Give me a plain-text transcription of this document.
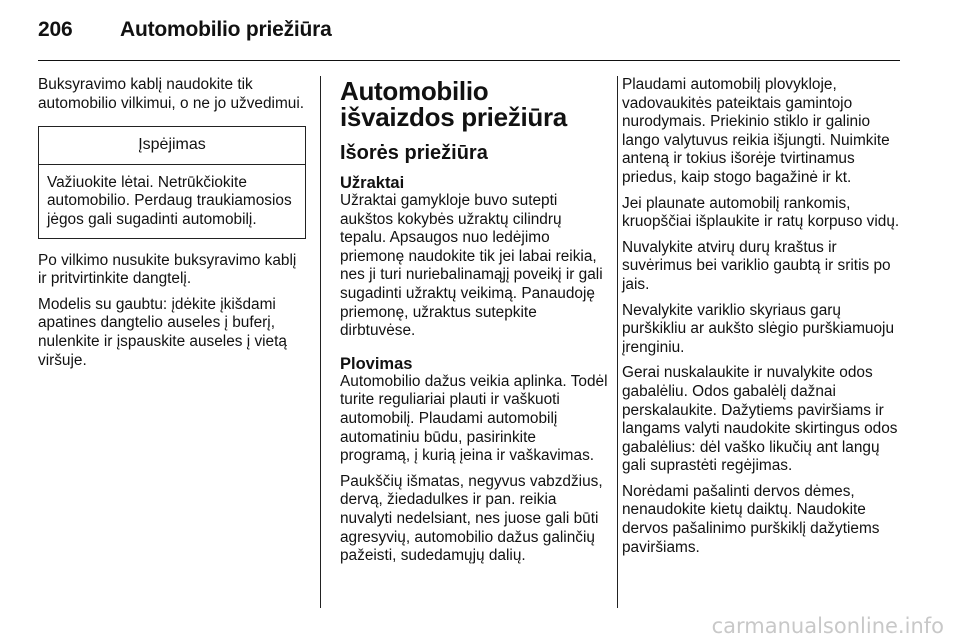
206 Automobilio priežiūra

Buksyravimo kablį naudokite tik automobilio vilkimui, o ne jo užvedimui.

Įspėjimas
Važiuokite lėtai. Netrūkčiokite automobilio. Perdaug traukiamosios jėgos gali sugadinti automobilį.

Po vilkimo nusukite buksyravimo kablį ir pritvirtinkite dangtelį.

Modelis su gaubtu: įdėkite įkišdami apatines dangtelio auseles į buferį, nulenkite ir įspauskite auseles į vietą viršuje.

Automobilio išvaizdos priežiūra
Išorės priežiūra
Užraktai

Užraktai gamykloje buvo sutepti aukštos kokybės užraktų cilindrų tepalu. Apsaugos nuo ledėjimo priemonę naudokite tik jei labai reikia, nes ji turi nuriebalinamąjį poveikį ir gali sugadinti užraktų veikimą. Panaudoję priemonę, užraktus sutepkite dirbtuvėse.

Plovimas

Automobilio dažus veikia aplinka. Todėl turite reguliariai plauti ir vaškuoti automobilį. Plaudami automobilį automatiniu būdu, pasirinkite programą, į kurią įeina ir vaškavimas.

Paukščių išmatas, negyvus vabzdžius, dervą, žiedadulkes ir pan. reikia nuvalyti nedelsiant, nes juose gali būti agresyvių, automobilio dažus galinčių pažeisti, sudedamųjų dalių.

Plaudami automobilį plovykloje, vadovaukitės pateiktais gamintojo nurodymais. Priekinio stiklo ir galinio lango valytuvus reikia išjungti. Nuimkite anteną ir tokius išorėje tvirtinamus priedus, kaip stogo bagažinė ir kt.

Jei plaunate automobilį rankomis, kruopščiai išplaukite ir ratų korpuso vidų.

Nuvalykite atvirų durų kraštus ir suvėrimus bei variklio gaubtą ir sritis po jais.

Nevalykite variklio skyriaus garų purškikliu ar aukšto slėgio purškiamuoju įrenginiu.

Gerai nuskalaukite ir nuvalykite odos gabalėliu. Odos gabalėlį dažnai perskalaukite. Dažytiems paviršiams ir langams valyti naudokite skirtingus odos gabalėlius: dėl vaško likučių ant langų gali suprastėti regėjimas.

Norėdami pašalinti dervos dėmes, nenaudokite kietų daiktų. Naudokite dervos pašalinimo purškiklį dažytiems paviršiams.

carmanualsonline.info
